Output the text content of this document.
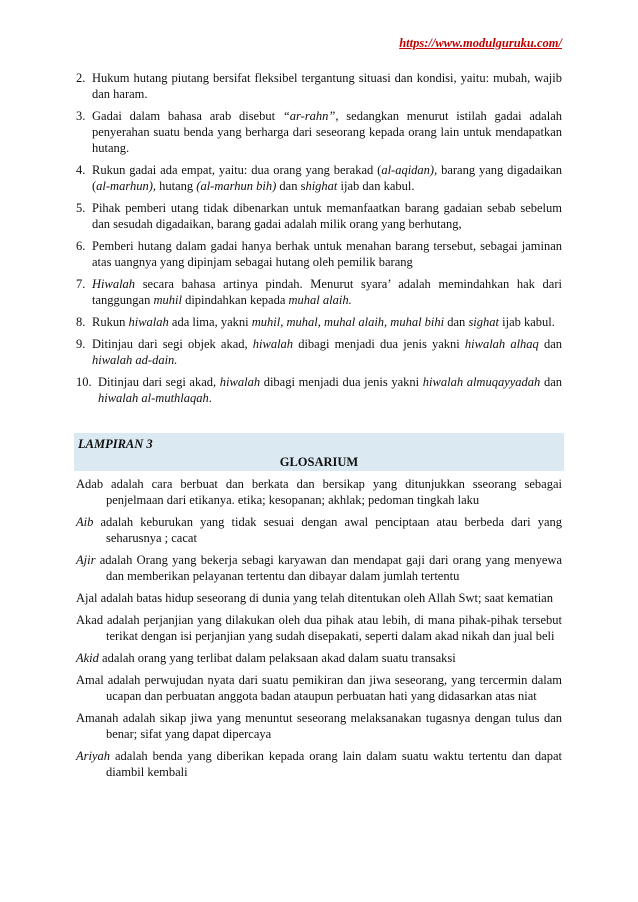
https://www.modulguruku.com/
2. Hukum hutang piutang bersifat fleksibel tergantung situasi dan kondisi, yaitu: mubah, wajib dan haram.
3. Gadai dalam bahasa arab disebut “ar-rahn”, sedangkan menurut istilah gadai adalah penyerahan suatu benda yang berharga dari seseorang kepada orang lain untuk mendapatkan hutang.
4. Rukun gadai ada empat, yaitu: dua orang yang berakad (al-aqidan), barang yang digadaikan (al-marhun), hutang (al-marhun bih) dan shighat ijab dan kabul.
5. Pihak pemberi utang tidak dibenarkan untuk memanfaatkan barang gadaian sebab sebelum dan sesudah digadaikan, barang gadai adalah milik orang yang berhutang,
6. Pemberi hutang dalam gadai hanya berhak untuk menahan barang tersebut, sebagai jaminan atas uangnya yang dipinjam sebagai hutang oleh pemilik barang
7. Hiwalah secara bahasa artinya pindah. Menurut syara’ adalah memindahkan hak dari tanggungan muhil dipindahkan kepada muhal alaih.
8. Rukun hiwalah ada lima, yakni muhil, muhal, muhal alaih, muhal bihi dan sighat ijab kabul.
9. Ditinjau dari segi objek akad, hiwalah dibagi menjadi dua jenis yakni hiwalah alhaq dan hiwalah ad-dain.
10. Ditinjau dari segi akad, hiwalah dibagi menjadi dua jenis yakni hiwalah almuqayyadah dan hiwalah al-muthlaqah.
LAMPIRAN 3
GLOSARIUM

Adab adalah cara berbuat dan berkata dan bersikap yang ditunjukkan sseorang sebagai penjelmaan dari etikanya. etika; kesopanan; akhlak; pedoman tingkah laku

Aib adalah keburukan yang tidak sesuai dengan awal penciptaan atau berbeda dari yang seharusnya ; cacat

Ajir adalah Orang yang bekerja sebagi karyawan dan mendapat gaji dari orang yang menyewa dan memberikan pelayanan tertentu dan dibayar dalam jumlah tertentu

Ajal adalah batas hidup seseorang di dunia yang telah ditentukan oleh Allah Swt; saat kematian

Akad adalah perjanjian yang dilakukan oleh dua pihak atau lebih, di mana pihak-pihak tersebut terikat dengan isi perjanjian yang sudah disepakati, seperti dalam akad nikah dan jual beli

Akid adalah orang yang terlibat dalam pelaksaan akad dalam suatu transaksi

Amal adalah perwujudan nyata dari suatu pemikiran dan jiwa seseorang, yang tercermin dalam ucapan dan perbuatan anggota badan ataupun perbuatan hati yang didasarkan atas niat

Amanah adalah sikap jiwa yang menuntut seseorang melaksanakan tugasnya dengan tulus dan benar; sifat yang dapat dipercaya

Ariyah adalah benda yang diberikan kepada orang lain dalam suatu waktu tertentu dan dapat diambil kembali
